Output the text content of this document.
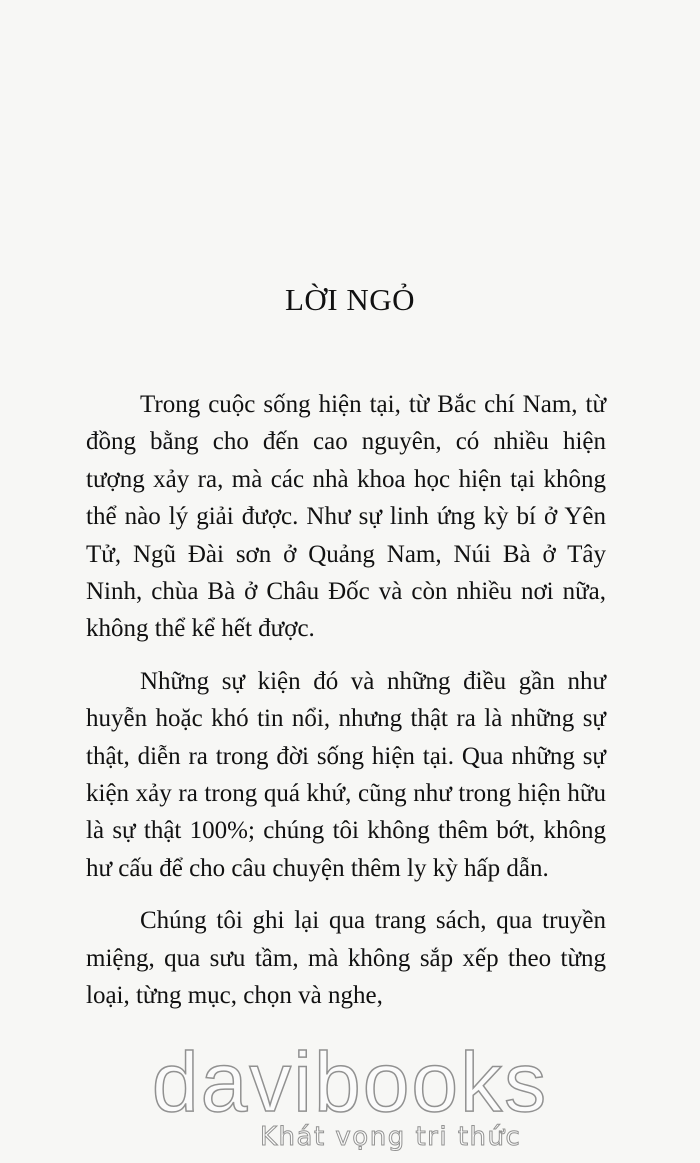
LỜI NGỎ

Trong cuộc sống hiện tại, từ Bắc chí Nam, từ đồng bằng cho đến cao nguyên, có nhiều hiện tượng xảy ra, mà các nhà khoa học hiện tại không thể nào lý giải được. Như sự linh ứng kỳ bí ở Yên Tử, Ngũ Đài sơn ở Quảng Nam, Núi Bà ở Tây Ninh, chùa Bà ở Châu Đốc và còn nhiều nơi nữa, không thể kể hết được.

Những sự kiện đó và những điều gần như huyễn hoặc khó tin nổi, nhưng thật ra là những sự thật, diễn ra trong đời sống hiện tại. Qua những sự kiện xảy ra trong quá khứ, cũng như trong hiện hữu là sự thật 100%; chúng tôi không thêm bớt, không hư cấu để cho câu chuyện thêm ly kỳ hấp dẫn.

Chúng tôi ghi lại qua trang sách, qua truyền miệng, qua sưu tầm, mà không sắp xếp theo từng loại, từng mục, chọn và nghe,

davibooks
Khát vọng tri thức
